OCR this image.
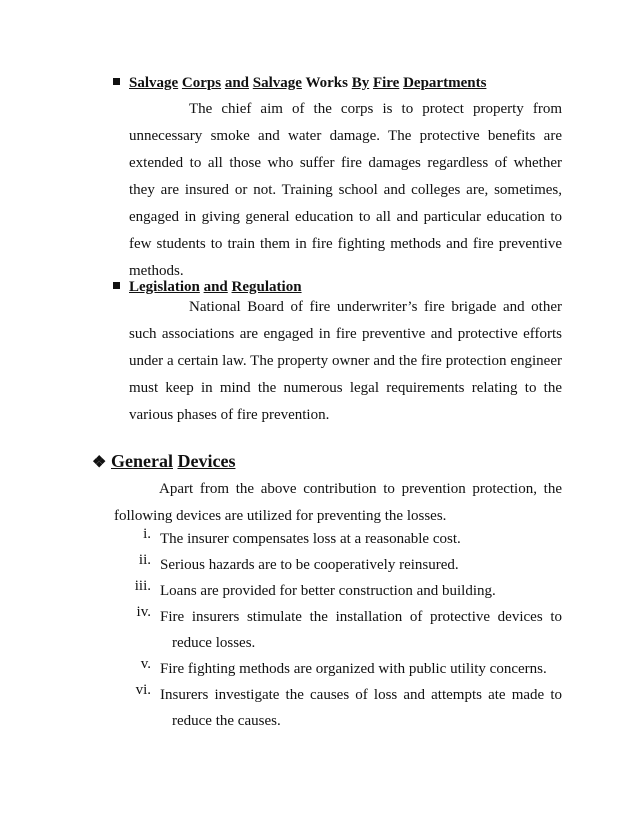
Salvage Corps and Salvage Works By Fire Departments

The chief aim of the corps is to protect property from unnecessary smoke and water damage. The protective benefits are extended to all those who suffer fire damages regardless of whether they are insured or not. Training school and colleges are, sometimes, engaged in giving general education to all and particular education to few students to train them in fire fighting methods and fire preventive methods.

Legislation and Regulation

National Board of fire underwriter’s fire brigade and other such associations are engaged in fire preventive and protective efforts under a certain law. The property owner and the fire protection engineer must keep in mind the numerous legal requirements relating to the various phases of fire prevention.

❖ General Devices

Apart from the above contribution to prevention protection, the following devices are utilized for preventing the losses.

i. The insurer compensates loss at a reasonable cost.

ii. Serious hazards are to be cooperatively reinsured.

iii. Loans are provided for better construction and building.

iv. Fire insurers stimulate the installation of protective devices to reduce losses.

v. Fire fighting methods are organized with public utility concerns.

vi. Insurers investigate the causes of loss and attempts ate made to reduce the causes.
